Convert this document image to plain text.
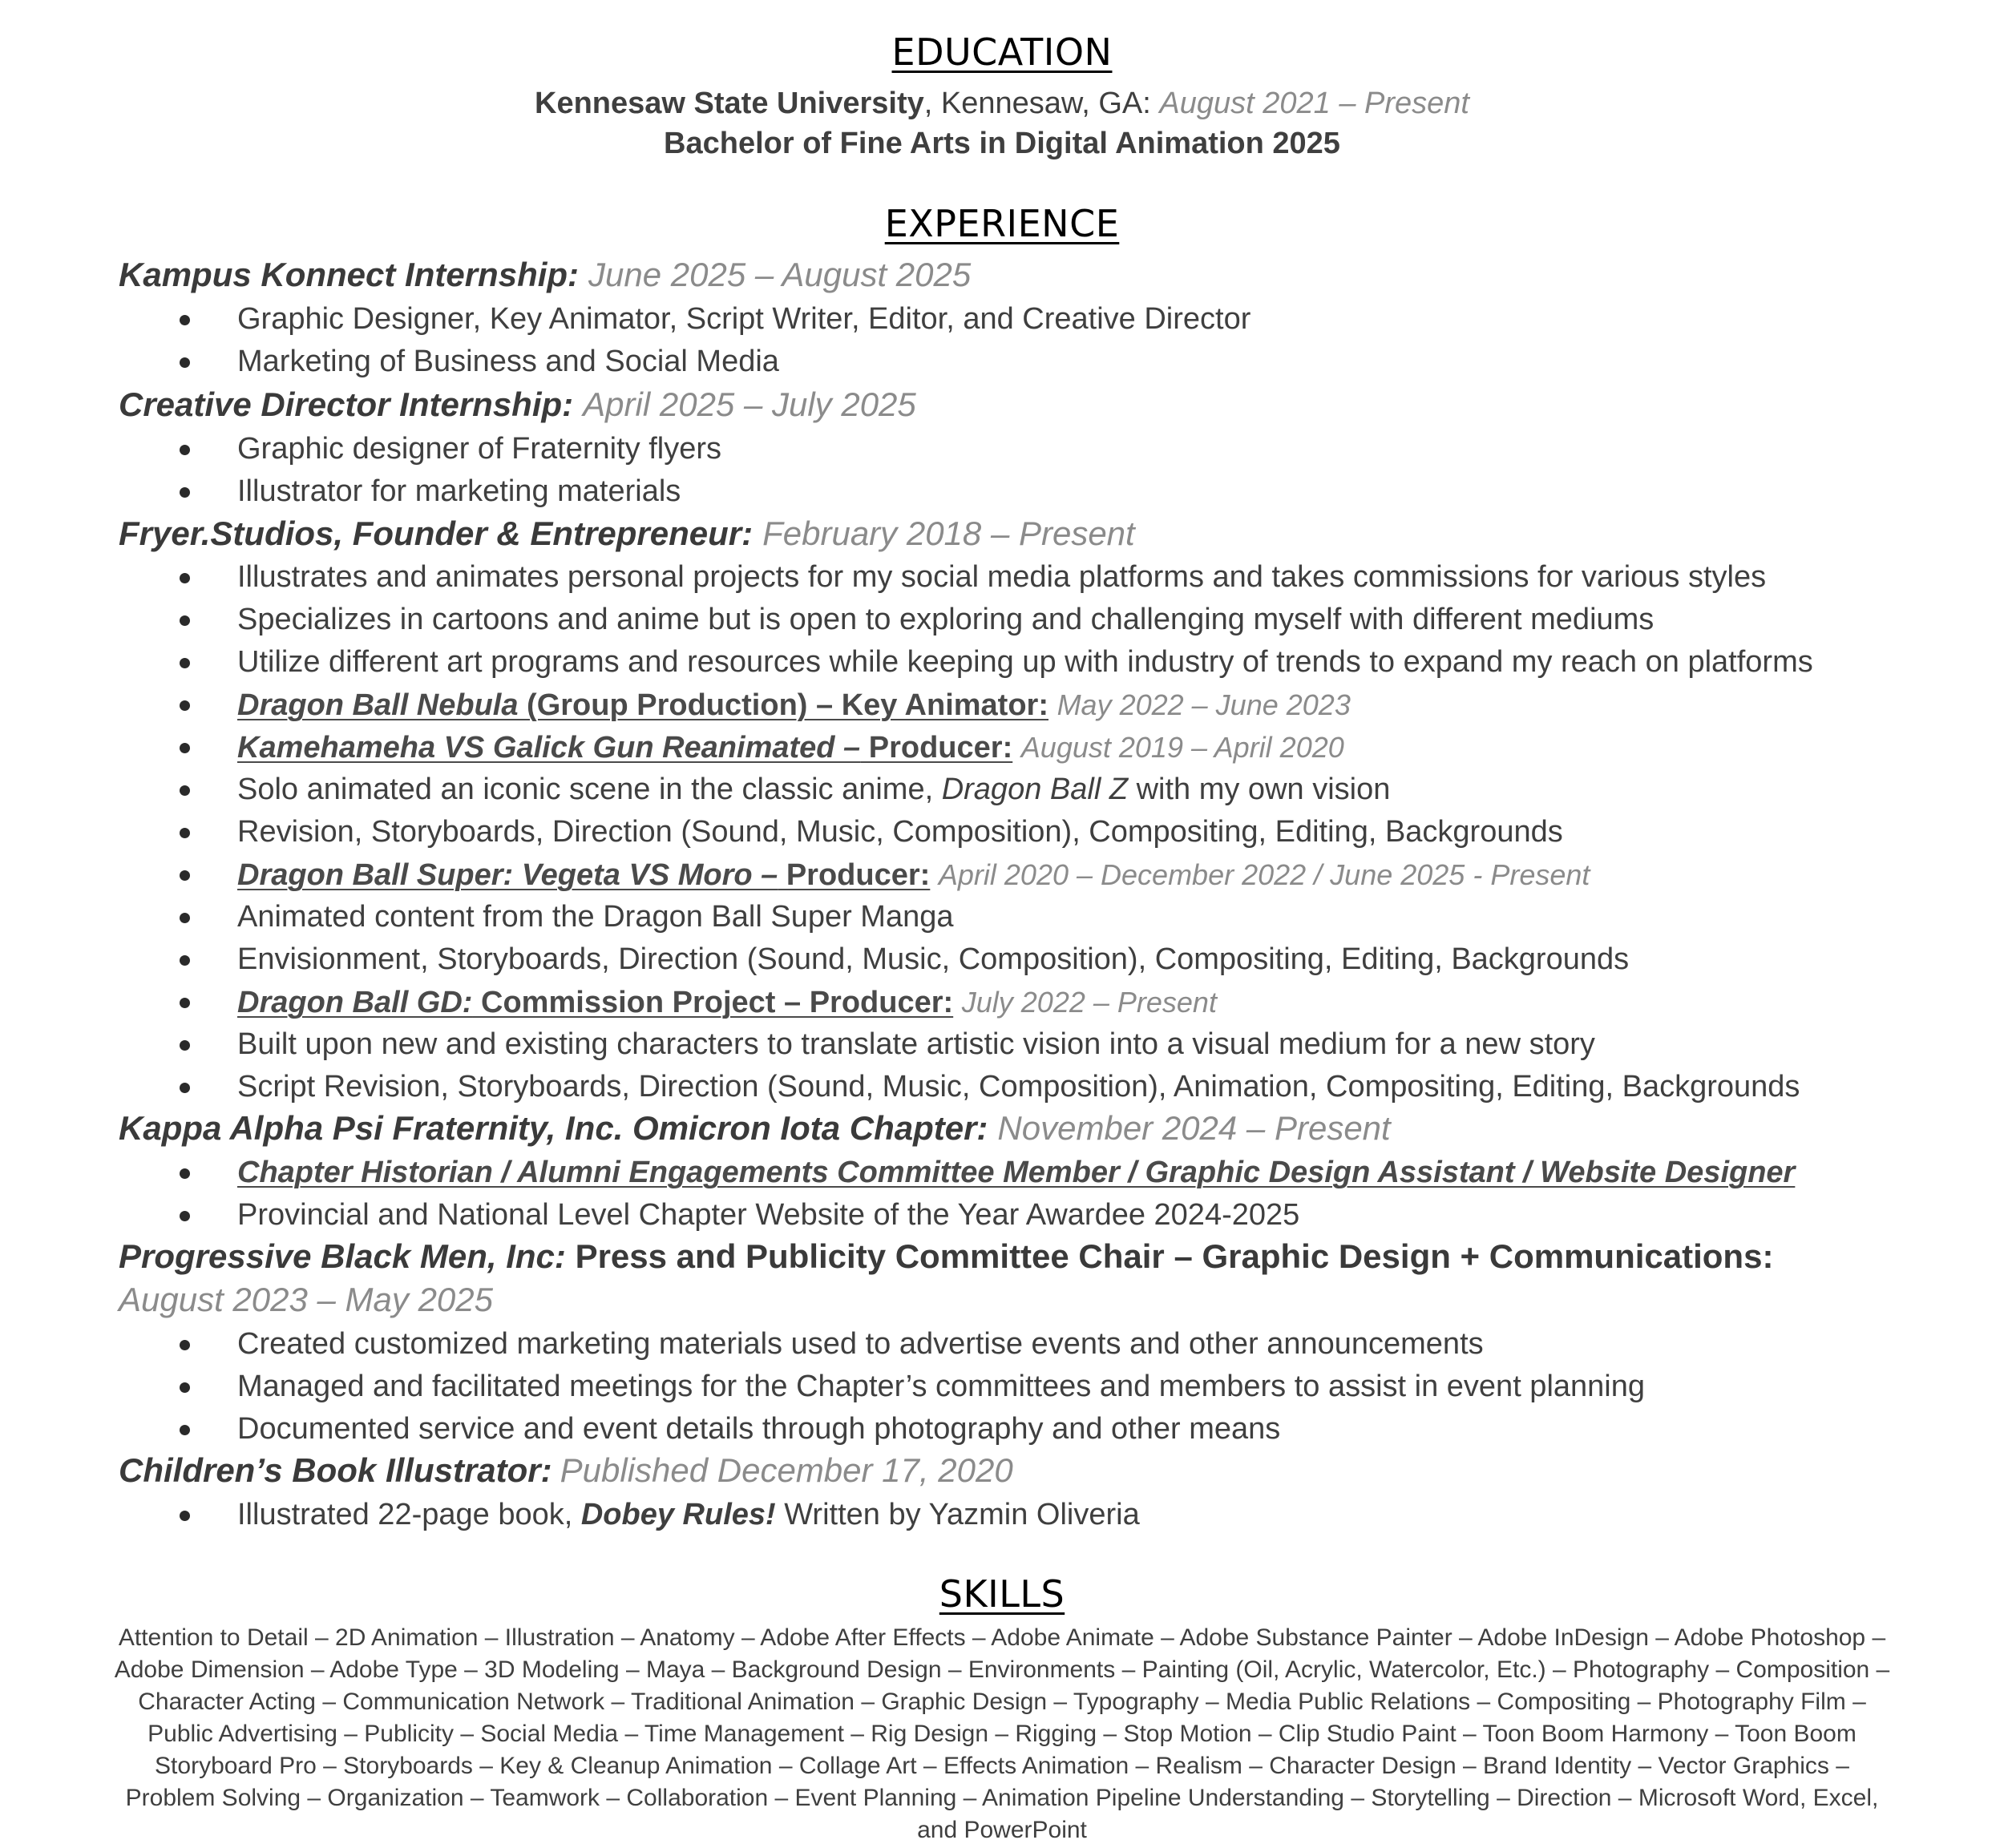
EDUCATION
Kennesaw State University, Kennesaw, GA: August 2021 – Present
Bachelor of Fine Arts in Digital Animation 2025
EXPERIENCE
Kampus Konnect Internship: June 2025 – August 2025
Graphic Designer, Key Animator, Script Writer, Editor, and Creative Director
Marketing of Business and Social Media
Creative Director Internship: April 2025 – July 2025
Graphic designer of Fraternity flyers
Illustrator for marketing materials
Fryer.Studios, Founder & Entrepreneur: February 2018 – Present
Illustrates and animates personal projects for my social media platforms and takes commissions for various styles
Specializes in cartoons and anime but is open to exploring and challenging myself with different mediums
Utilize different art programs and resources while keeping up with industry of trends to expand my reach on platforms
Dragon Ball Nebula (Group Production) – Key Animator: May 2022 – June 2023
Kamehameha VS Galick Gun Reanimated – Producer: August 2019 – April 2020
Solo animated an iconic scene in the classic anime, Dragon Ball Z with my own vision
Revision, Storyboards, Direction (Sound, Music, Composition), Compositing, Editing, Backgrounds
Dragon Ball Super: Vegeta VS Moro – Producer: April 2020 – December 2022 / June 2025 - Present
Animated content from the Dragon Ball Super Manga
Envisionment, Storyboards, Direction (Sound, Music, Composition), Compositing, Editing, Backgrounds
Dragon Ball GD: Commission Project – Producer: July 2022 – Present
Built upon new and existing characters to translate artistic vision into a visual medium for a new story
Script Revision, Storyboards, Direction (Sound, Music, Composition), Animation, Compositing, Editing, Backgrounds
Kappa Alpha Psi Fraternity, Inc. Omicron Iota Chapter: November 2024 – Present
Chapter Historian / Alumni Engagements Committee Member / Graphic Design Assistant / Website Designer
Provincial and National Level Chapter Website of the Year Awardee 2024-2025
Progressive Black Men, Inc: Press and Publicity Committee Chair – Graphic Design + Communications:
August 2023 – May 2025
Created customized marketing materials used to advertise events and other announcements
Managed and facilitated meetings for the Chapter’s committees and members to assist in event planning
Documented service and event details through photography and other means
Children’s Book Illustrator: Published December 17, 2020
Illustrated 22-page book, Dobey Rules! Written by Yazmin Oliveria
SKILLS
Attention to Detail – 2D Animation – Illustration – Anatomy – Adobe After Effects – Adobe Animate – Adobe Substance Painter – Adobe InDesign – Adobe Photoshop – Adobe Dimension – Adobe Type – 3D Modeling – Maya – Background Design – Environments – Painting (Oil, Acrylic, Watercolor, Etc.) – Photography – Composition – Character Acting – Communication Network – Traditional Animation – Graphic Design – Typography – Media Public Relations – Compositing – Photography Film – Public Advertising – Publicity – Social Media – Time Management – Rig Design – Rigging – Stop Motion – Clip Studio Paint – Toon Boom Harmony – Toon Boom Storyboard Pro – Storyboards – Key & Cleanup Animation – Collage Art – Effects Animation – Realism – Character Design – Brand Identity – Vector Graphics – Problem Solving – Organization – Teamwork – Collaboration – Event Planning – Animation Pipeline Understanding – Storytelling – Direction – Microsoft Word, Excel, and PowerPoint
